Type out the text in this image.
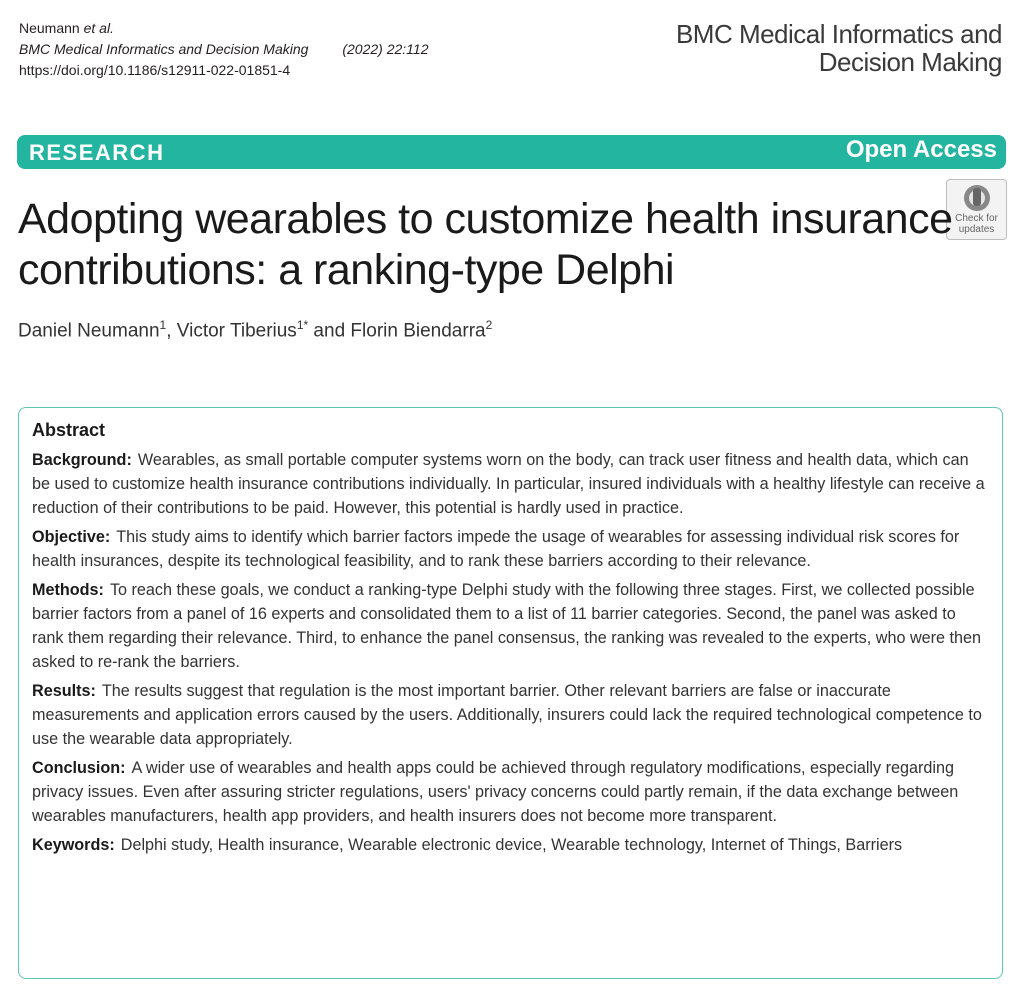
Neumann et al.
BMC Medical Informatics and Decision Making (2022) 22:112
https://doi.org/10.1186/s12911-022-01851-4
BMC Medical Informatics and Decision Making
RESEARCH	Open Access
Check for
updates
Adopting wearables to customize health insurance contributions: a ranking-type Delphi
Daniel Neumann$^1$, Victor Tiberius$^{1*}$ and Florin Biendarra$^2$
Abstract

Background: Wearables, as small portable computer systems worn on the body, can track user fitness and health data, which can be used to customize health insurance contributions individually. In particular, insured individuals with a healthy lifestyle can receive a reduction of their contributions to be paid. However, this potential is hardly used in practice.

Objective: This study aims to identify which barrier factors impede the usage of wearables for assessing individual risk scores for health insurances, despite its technological feasibility, and to rank these barriers according to their relevance.

Methods: To reach these goals, we conduct a ranking-type Delphi study with the following three stages. First, we collected possible barrier factors from a panel of 16 experts and consolidated them to a list of 11 barrier categories. Second, the panel was asked to rank them regarding their relevance. Third, to enhance the panel consensus, the ranking was revealed to the experts, who were then asked to re-rank the barriers.

Results: The results suggest that regulation is the most important barrier. Other relevant barriers are false or inaccurate measurements and application errors caused by the users. Additionally, insurers could lack the required technological competence to use the wearable data appropriately.

Conclusion: A wider use of wearables and health apps could be achieved through regulatory modifications, especially regarding privacy issues. Even after assuring stricter regulations, users' privacy concerns could partly remain, if the data exchange between wearables manufacturers, health app providers, and health insurers does not become more transparent.

Keywords: Delphi study, Health insurance, Wearable electronic device, Wearable technology, Internet of Things, Barriers
